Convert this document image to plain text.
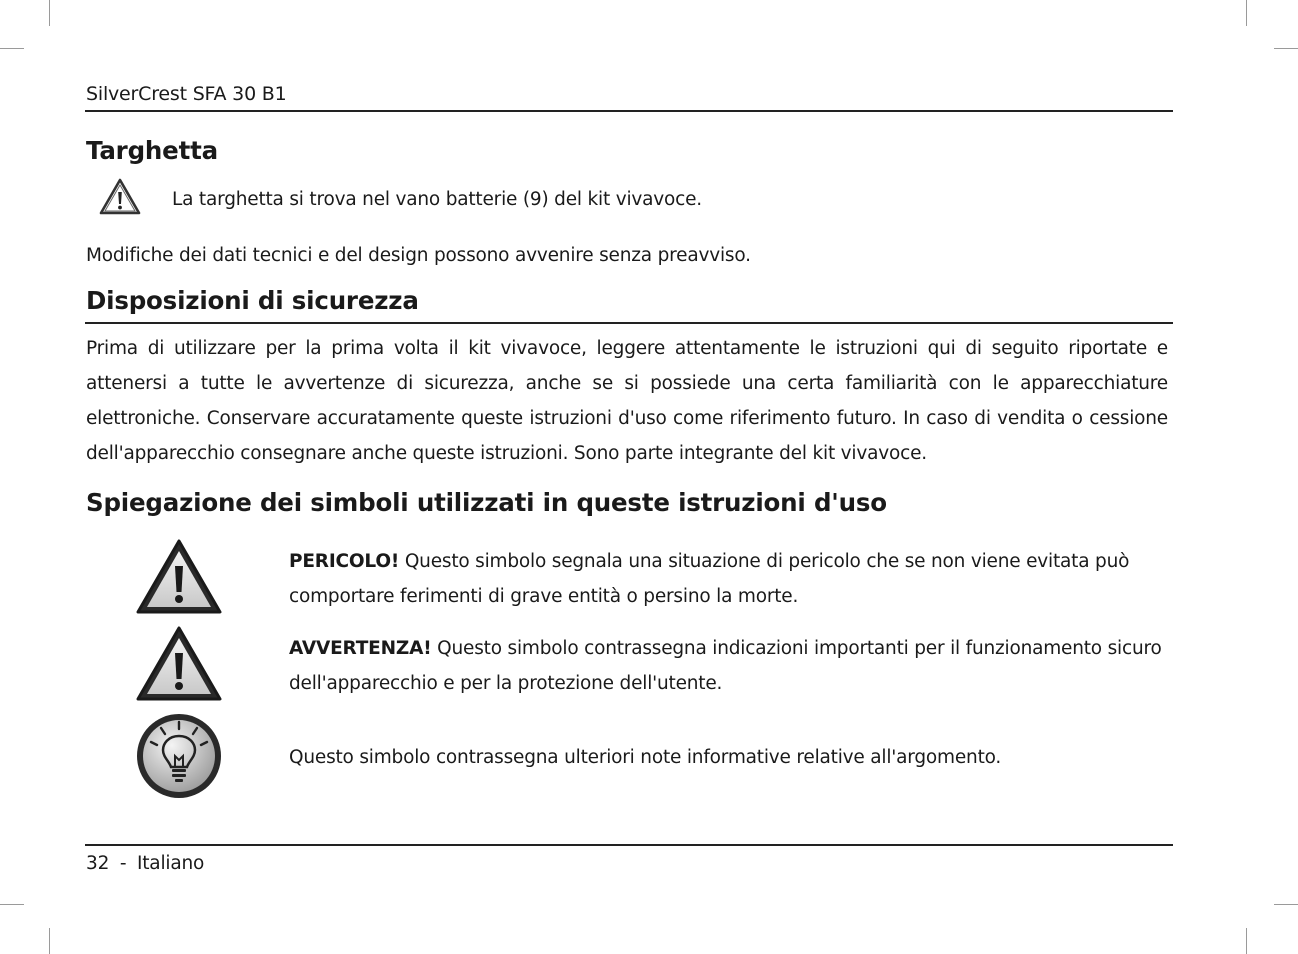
SilverCrest SFA 30 B1
Targhetta
La targhetta si trova nel vano batterie (9) del kit vivavoce.
Modifiche dei dati tecnici e del design possono avvenire senza preavviso.
Disposizioni di sicurezza
Prima di utilizzare per la prima volta il kit vivavoce, leggere attentamente le istruzioni qui di seguito riportate e attenersi a tutte le avvertenze di sicurezza, anche se si possiede una certa familiarità con le apparecchiature elettroniche. Conservare accuratamente queste istruzioni d'uso come riferimento futuro. In caso di vendita o cessione dell'apparecchio consegnare anche queste istruzioni. Sono parte integrante del kit vivavoce.
Spiegazione dei simboli utilizzati in queste istruzioni d'uso
PERICOLO! Questo simbolo segnala una situazione di pericolo che se non viene evitata può comportare ferimenti di grave entità o persino la morte.
AVVERTENZA! Questo simbolo contrassegna indicazioni importanti per il funzionamento sicuro dell'apparecchio e per la protezione dell'utente.
Questo simbolo contrassegna ulteriori note informative relative all'argomento.
32 - Italiano
